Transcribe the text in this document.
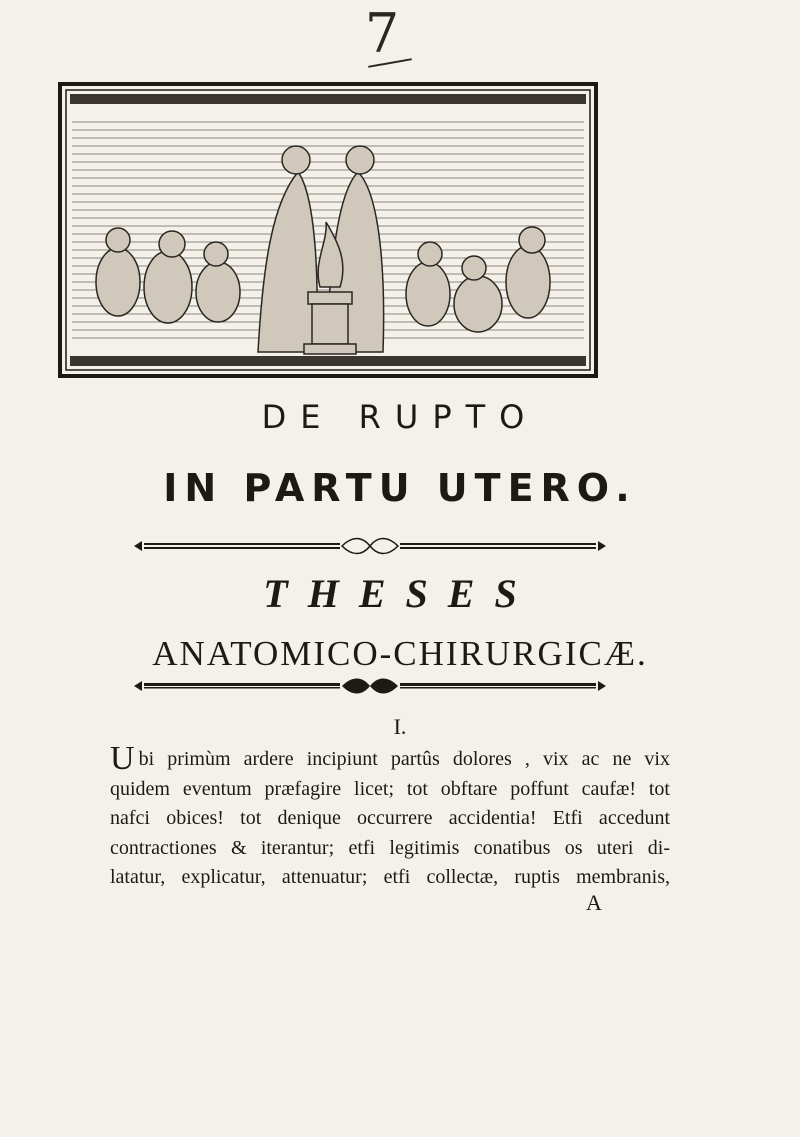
7
DE RUPTO
IN PARTU UTERO.
THESES
ANATOMICO-CHIRURGICÆ.
I.
Ubi primùm ardere incipiunt partûs dolores , vix ac ne vix
quidem eventum præfagire licet; tot obftare poffunt caufæ! tot
nafci obices! tot denique occurrere accidentia! Etfi accedunt
contractiones & iterantur; etfi legitimis conatibus os uteri di-
latatur, explicatur, attenuatur; etfi collectæ, ruptis membranis,
A
